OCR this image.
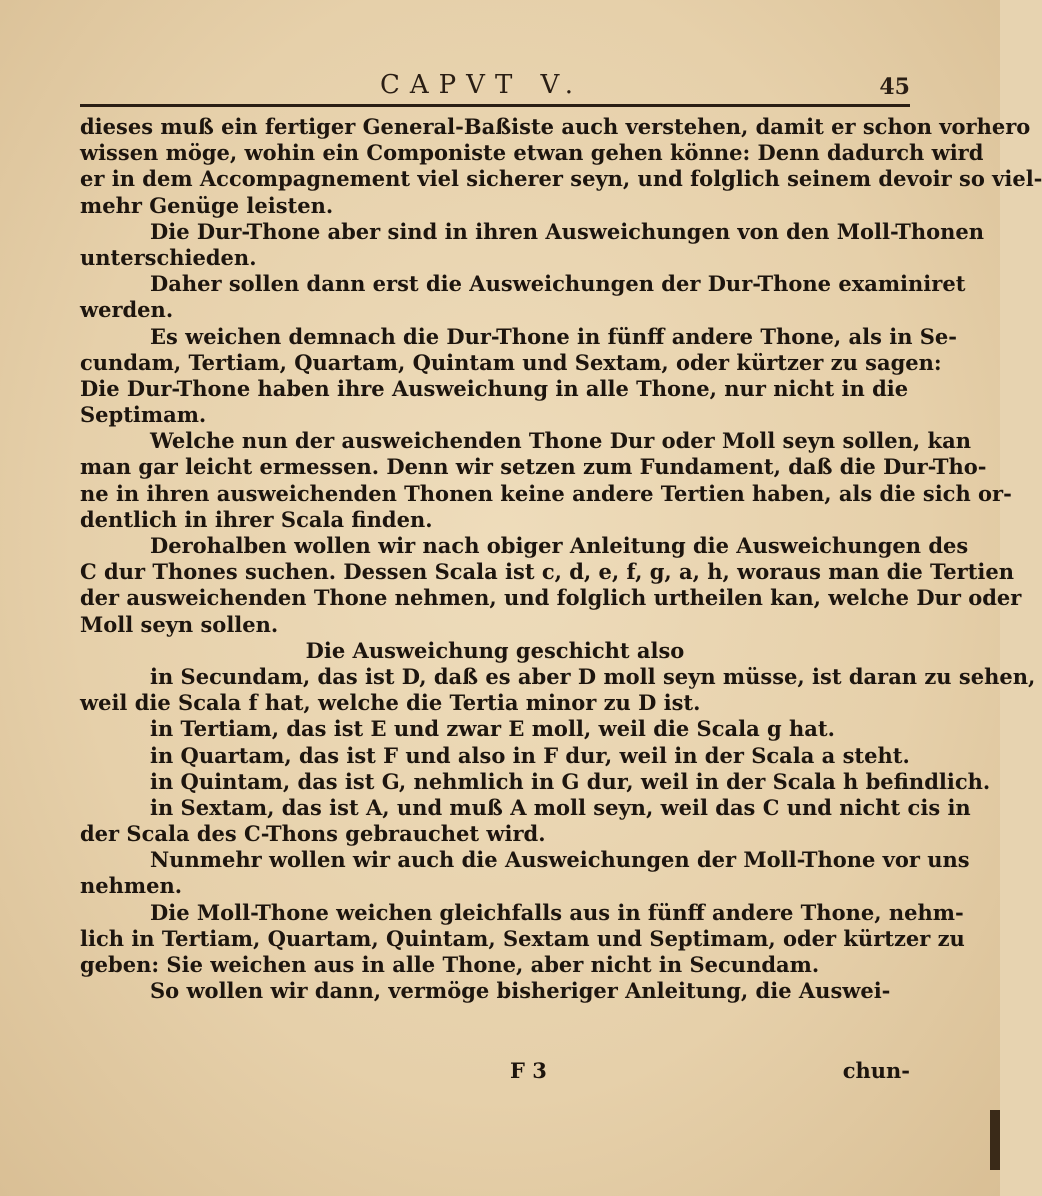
CAPVT V.	45
dieses muß ein fertiger General-Baßiste auch verstehen, damit er schon vorhero
wissen möge, wohin ein Componiste etwan gehen könne: Denn dadurch wird
er in dem Accompagnement viel sicherer seyn, und folglich seinem devoir so viel-
mehr Genüge leisten.
Die Dur-Thone aber sind in ihren Ausweichungen von den Moll-Thonen
unterschieden.
Daher sollen dann erst die Ausweichungen der Dur-Thone examiniret
werden.
Es weichen demnach die Dur-Thone in fünff andere Thone, als in Se-
cundam, Tertiam, Quartam, Quintam und Sextam, oder kürtzer zu sagen:
Die Dur-Thone haben ihre Ausweichung in alle Thone, nur nicht in die
Septimam.
Welche nun der ausweichenden Thone Dur oder Moll seyn sollen, kan
man gar leicht ermessen. Denn wir setzen zum Fundament, daß die Dur-Tho-
ne in ihren ausweichenden Thonen keine andere Tertien haben, als die sich or-
dentlich in ihrer Scala finden.
Derohalben wollen wir nach obiger Anleitung die Ausweichungen des
C dur Thones suchen. Dessen Scala ist c, d, e, f, g, a, h, woraus man die Tertien
der ausweichenden Thone nehmen, und folglich urtheilen kan, welche Dur oder
Moll seyn sollen.
Die Ausweichung geschicht also
in Secundam, das ist D, daß es aber D moll seyn müsse, ist daran zu sehen,
weil die Scala f hat, welche die Tertia minor zu D ist.
in Tertiam, das ist E und zwar E moll, weil die Scala g hat.
in Quartam, das ist F und also in F dur, weil in der Scala a steht.
in Quintam, das ist G, nehmlich in G dur, weil in der Scala h befindlich.
in Sextam, das ist A, und muß A moll seyn, weil das C und nicht cis in
der Scala des C-Thons gebrauchet wird.
Nunmehr wollen wir auch die Ausweichungen der Moll-Thone vor uns
nehmen.
Die Moll-Thone weichen gleichfalls aus in fünff andere Thone, nehm-
lich in Tertiam, Quartam, Quintam, Sextam und Septimam, oder kürtzer zu
geben: Sie weichen aus in alle Thone, aber nicht in Secundam.
So wollen wir dann, vermöge bisheriger Anleitung, die Auswei-
F 3	chun-
